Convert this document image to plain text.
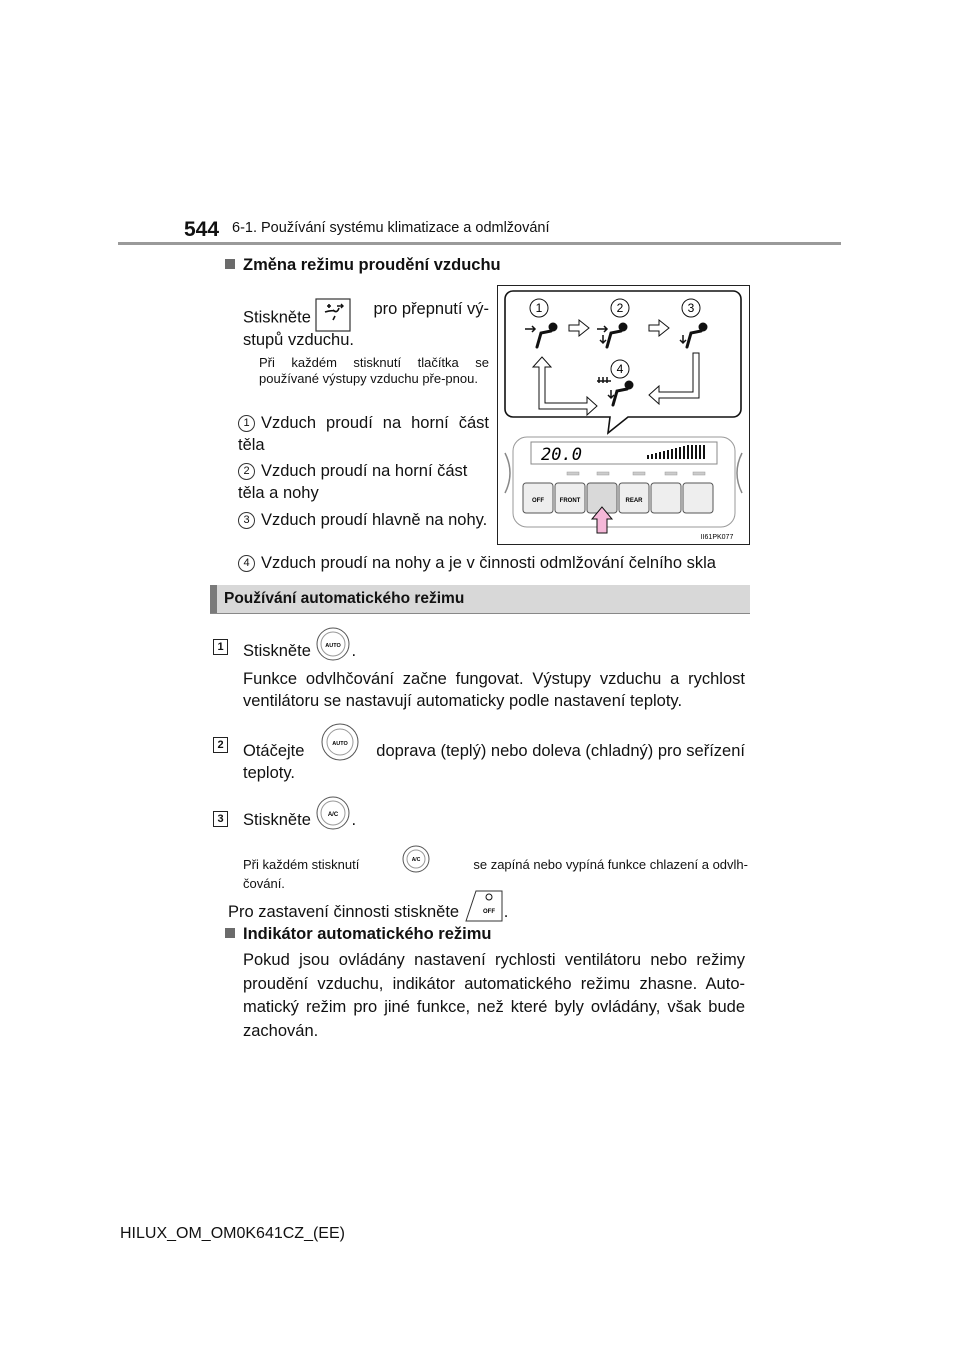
544 6-1. Používání systému klimatizace a odmlžování
Změna režimu proudění vzduchu
Stiskněte	pro přepnutí vý-
stupů vzduchu.
Při každém stisknutí tlačítka se používané výstupy vzduchu pře-pnou.
1 Vzduch proudí na horní část těla
2 Vzduch proudí na horní část těla a nohy
3 Vzduch proudí hlavně na nohy.
4 Vzduch proudí na nohy a je v činnosti odmlžování čelního skla
1	2	3
4
20.0
OFF	FRONT	REAR
II61PK077
Používání automatického režimu
1 Stiskněte	AUTO .
Funkce odvlhčování začne fungovat. Výstupy vzduchu a rychlost ventilátoru se nastavují automaticky podle nastavení teploty.
2 Otáčejte	AUTO doprava (teplý) nebo doleva (chladný) pro seřízení
teploty.
3 Stiskněte	A/C .
Při každém stisknutí	A/C	se zapíná nebo vypíná funkce chlazení a odvlh-
čování.
Pro zastavení činnosti stiskněte	OFF .
Indikátor automatického režimu
Pokud jsou ovládány nastavení rychlosti ventilátoru nebo režimy proudění vzduchu, indikátor automatického režimu zhasne. Auto-matický režim pro jiné funkce, než které byly ovládány, však bude zachován.
HILUX_OM_OM0K641CZ_(EE)
